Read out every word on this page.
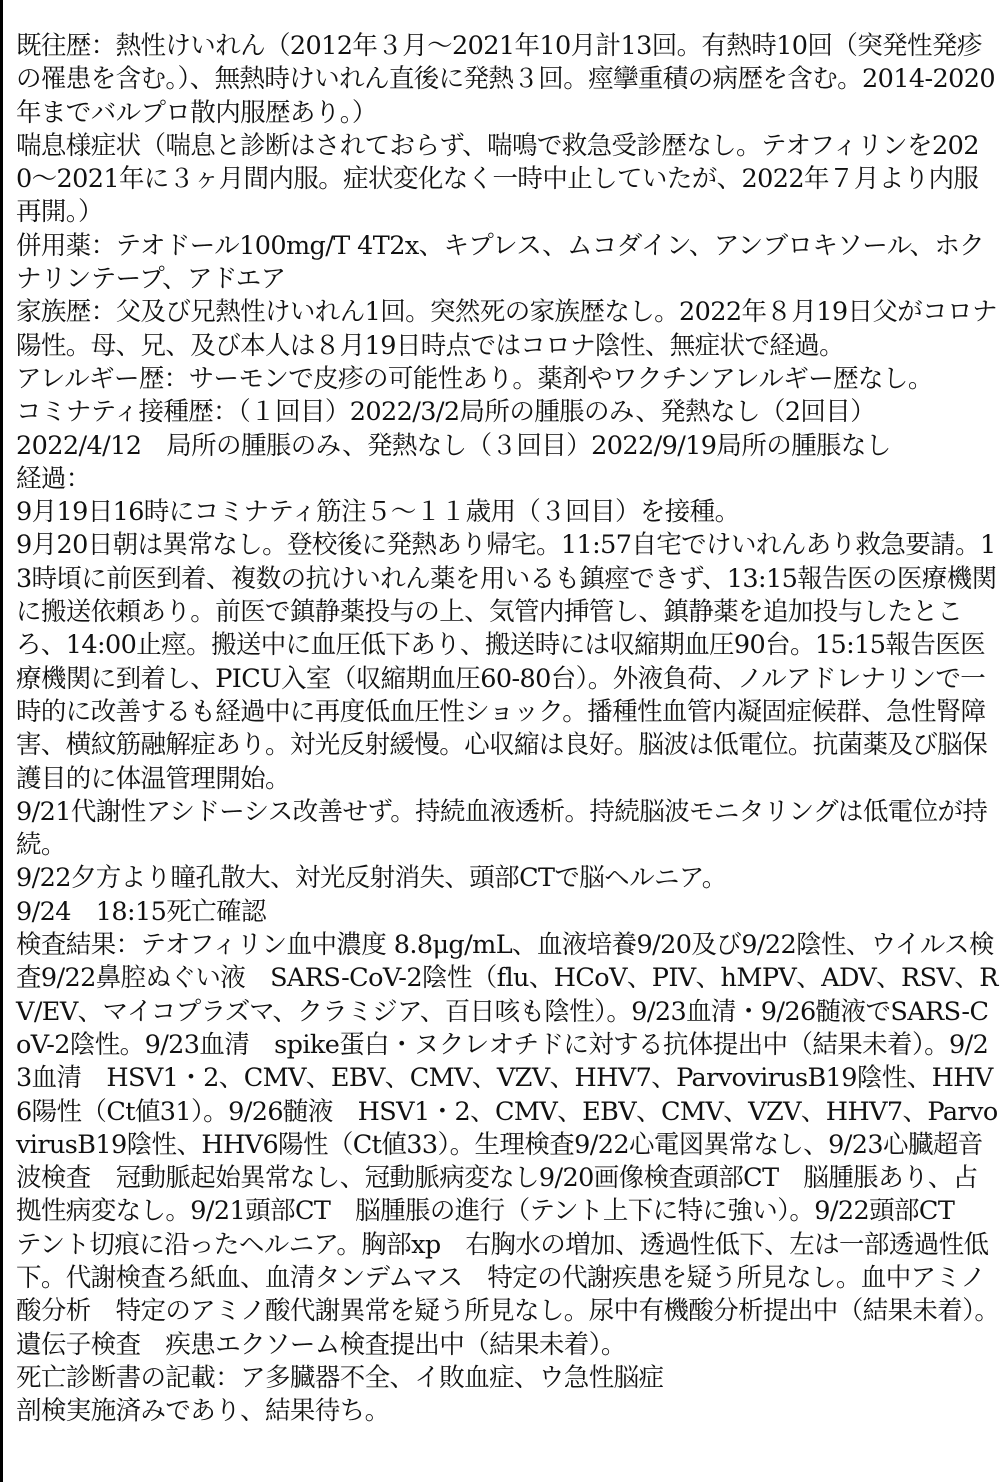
既往歴：熱性けいれん（2012年３月〜2021年10月計13回。有熱時10回（突発性発疹の罹患を含む。）、無熱時けいれん直後に発熱３回。痙攣重積の病歴を含む。2014-2020年までバルプロ散内服歴あり。）

喘息様症状（喘息と診断はされておらず、喘鳴で救急受診歴なし。テオフィリンを2020〜2021年に３ヶ月間内服。症状変化なく一時中止していたが、2022年７月より内服再開。）

併用薬：テオドール100mg/T 4T2x、キプレス、ムコダイン、アンブロキソール、ホクナリンテープ、アドエア

家族歴：父及び兄熱性けいれん1回。突然死の家族歴なし。2022年８月19日父がコロナ陽性。母、兄、及び本人は８月19日時点ではコロナ陰性、無症状で経過。

アレルギー歴：サーモンで皮疹の可能性あり。薬剤やワクチンアレルギー歴なし。

コミナティ接種歴：（１回目）2022/3/2局所の腫脹のみ、発熱なし（2回目）

2022/4/12　局所の腫脹のみ、発熱なし（３回目）2022/9/19局所の腫脹なし

経過：

9月19日16時にコミナティ筋注５〜１１歳用（３回目）を接種。

9月20日朝は異常なし。登校後に発熱あり帰宅。11:57自宅でけいれんあり救急要請。13時頃に前医到着、複数の抗けいれん薬を用いるも鎮痙できず、13:15報告医の医療機関に搬送依頼あり。前医で鎮静薬投与の上、気管内挿管し、鎮静薬を追加投与したところ、14:00止痙。搬送中に血圧低下あり、搬送時には収縮期血圧90台。15:15報告医医療機関に到着し、PICU入室（収縮期血圧60-80台）。外液負荷、ノルアドレナリンで一時的に改善するも経過中に再度低血圧性ショック。播種性血管内凝固症候群、急性腎障害、横紋筋融解症あり。対光反射緩慢。心収縮は良好。脳波は低電位。抗菌薬及び脳保護目的に体温管理開始。

9/21代謝性アシドーシス改善せず。持続血液透析。持続脳波モニタリングは低電位が持続。

9/22夕方より瞳孔散大、対光反射消失、頭部CTで脳ヘルニア。

9/24　18:15死亡確認

検査結果：テオフィリン血中濃度 8.8μg/mL、血液培養9/20及び9/22陰性、ウイルス検査9/22鼻腔ぬぐい液　SARS-CoV-2陰性（flu、HCoV、PIV、hMPV、ADV、RSV、RV/EV、マイコプラズマ、クラミジア、百日咳も陰性）。9/23血清・9/26髄液でSARS-CoV-2陰性。9/23血清　spike蛋白・ヌクレオチドに対する抗体提出中（結果未着）。9/23血清　HSV1・2、CMV、EBV、CMV、VZV、HHV7、ParvovirusB19陰性、HHV6陽性（Ct値31）。9/26髄液　HSV1・2、CMV、EBV、CMV、VZV、HHV7、ParvovirusB19陰性、HHV6陽性（Ct値33）。生理検査9/22心電図異常なし、9/23心臓超音波検査　冠動脈起始異常なし、冠動脈病変なし9/20画像検査頭部CT　脳腫脹あり、占拠性病変なし。9/21頭部CT　脳腫脹の進行（テント上下に特に強い）。9/22頭部CT　テント切痕に沿ったヘルニア。胸部xp　右胸水の増加、透過性低下、左は一部透過性低下。代謝検査ろ紙血、血清タンデムマス　特定の代謝疾患を疑う所見なし。血中アミノ酸分析　特定のアミノ酸代謝異常を疑う所見なし。尿中有機酸分析提出中（結果未着）。

遺伝子検査　疾患エクソーム検査提出中（結果未着）。

死亡診断書の記載：ア多臓器不全、イ敗血症、ウ急性脳症

剖検実施済みであり、結果待ち。
